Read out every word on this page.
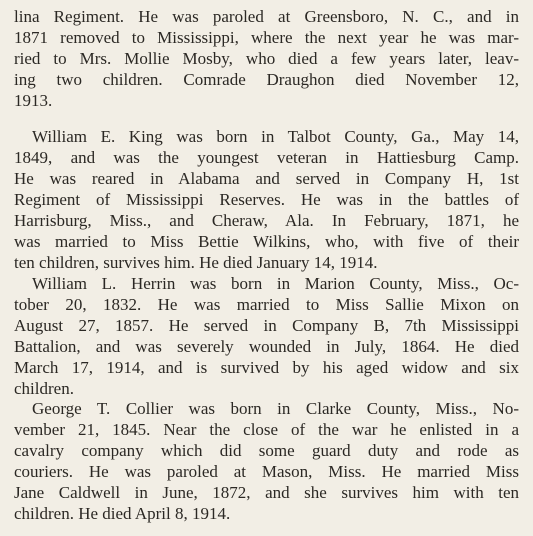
lina Regiment. He was paroled at Greensboro, N. C., and in
1871 removed to Mississippi, where the next year he was mar-
ried to Mrs. Mollie Mosby, who died a few years later, leav-
ing two children. Comrade Draughon died November 12,
1913.
William E. King was born in Talbot County, Ga., May 14,
1849, and was the youngest veteran in Hattiesburg Camp.
He was reared in Alabama and served in Company H, 1st
Regiment of Mississippi Reserves. He was in the battles of
Harrisburg, Miss., and Cheraw, Ala. In February, 1871, he
was married to Miss Bettie Wilkins, who, with five of their
ten children, survives him. He died January 14, 1914.
William L. Herrin was born in Marion County, Miss., Oc-
tober 20, 1832. He was married to Miss Sallie Mixon on
August 27, 1857. He served in Company B, 7th Mississippi
Battalion, and was severely wounded in July, 1864. He died
March 17, 1914, and is survived by his aged widow and six
children.
George T. Collier was born in Clarke County, Miss., No-
vember 21, 1845. Near the close of the war he enlisted in a
cavalry company which did some guard duty and rode as
couriers. He was paroled at Mason, Miss. He married Miss
Jane Caldwell in June, 1872, and she survives him with ten
children. He died April 8, 1914.
